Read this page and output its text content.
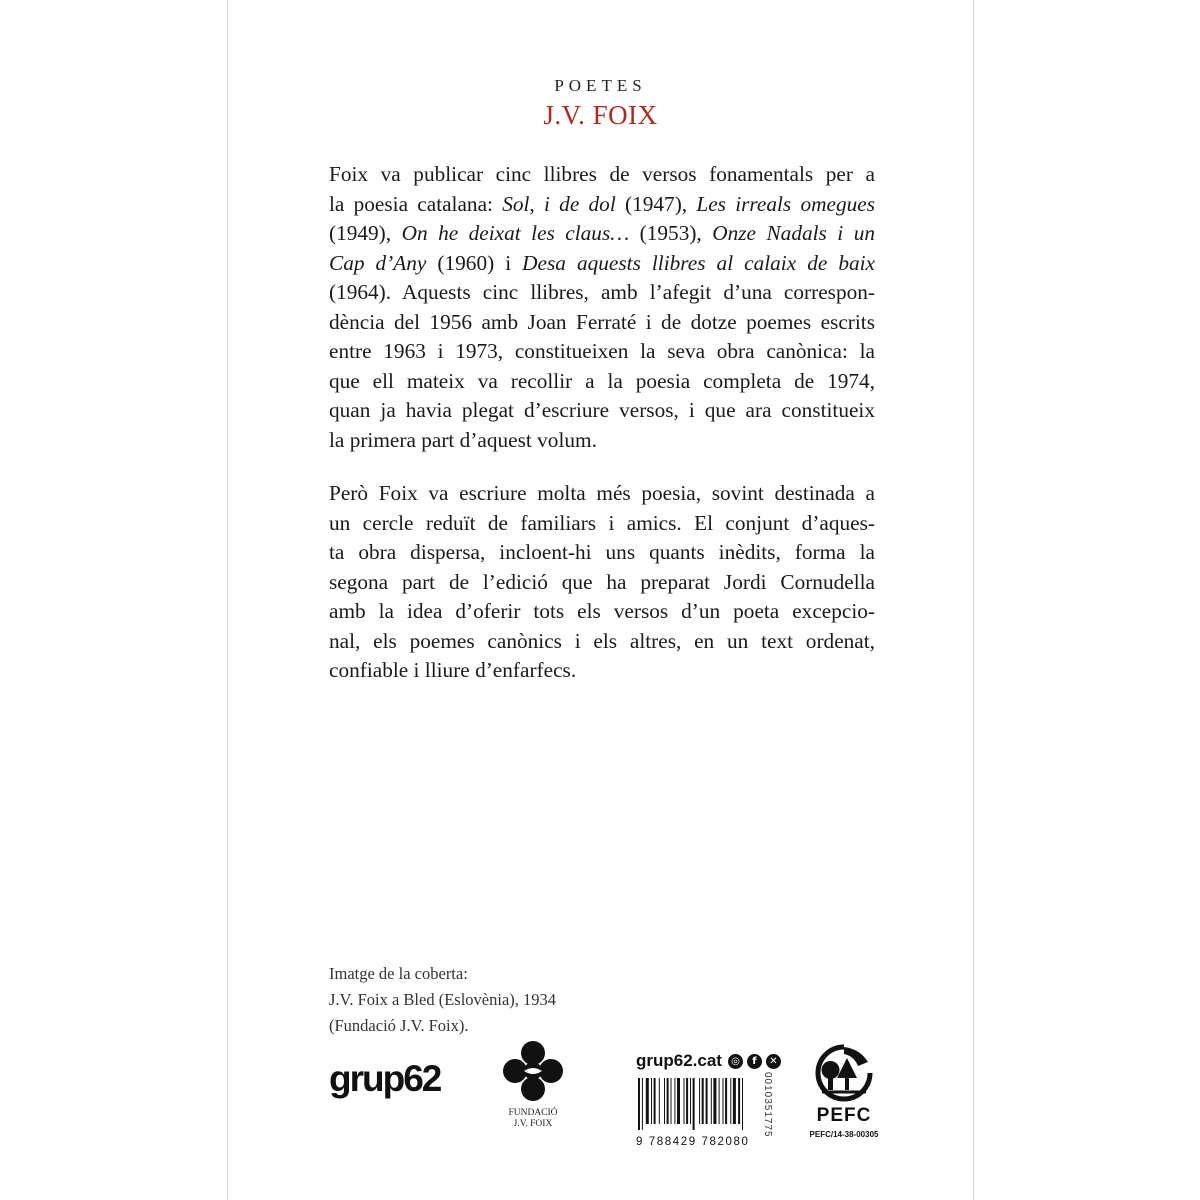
POETES
J.V. FOIX
Foix va publicar cinc llibres de versos fonamentals per a
la poesia catalana: Sol, i de dol (1947), Les irreals omegues
(1949), On he deixat les claus… (1953), Onze Nadals i un
Cap d’Any (1960) i Desa aquests llibres al calaix de baix
(1964). Aquests cinc llibres, amb l’afegit d’una correspon-
dència del 1956 amb Joan Ferraté i de dotze poemes escrits
entre 1963 i 1973, constitueixen la seva obra canònica: la
que ell mateix va recollir a la poesia completa de 1974,
quan ja havia plegat d’escriure versos, i que ara constitueix
la primera part d’aquest volum.
Però Foix va escriure molta més poesia, sovint destinada a
un cercle reduït de familiars i amics. El conjunt d’aques-
ta obra dispersa, incloent-hi uns quants inèdits, forma la
segona part de l’edició que ha preparat Jordi Cornudella
amb la idea d’oferir tots els versos d’un poeta excepcio-
nal, els poemes canònics i els altres, en un text ordenat,
confiable i lliure d’enfarfecs.
Imatge de la coberta:
J.V. Foix a Bled (Eslovènia), 1934
(Fundació J.V. Foix).
grup62
FUNDACIÓ
J.V. FOIX
grup62.cat ◎	f	✕
9 788429 782080
0010351775	PEFC
PEFC/14-38-00305
